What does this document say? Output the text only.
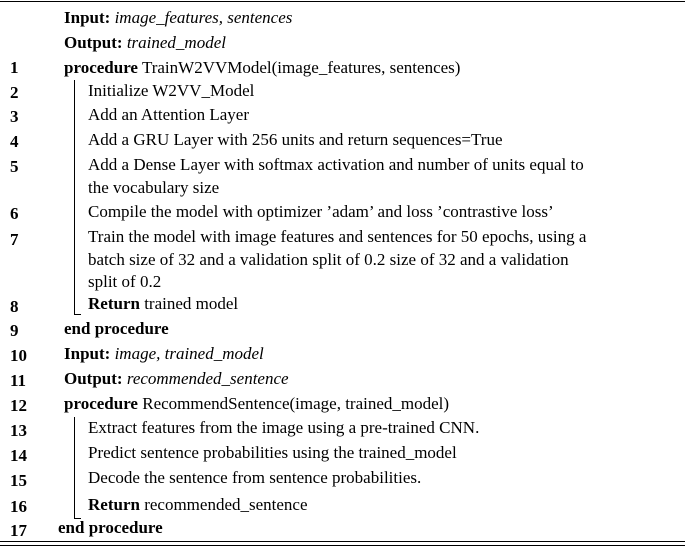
Input: image_features, sentences
Output: trained_model
1	procedure TrainW2VVModel(image_features, sentences)
2	Initialize W2VV_Model
3	Add an Attention Layer
4	Add a GRU Layer with 256 units and return sequences=True
5	Add a Dense Layer with softmax activation and number of units equal to
the vocabulary size
6	Compile the model with optimizer ’adam’ and loss ’contrastive loss’
7	Train the model with image features and sentences for 50 epochs, using a
batch size of 32 and a validation split of 0.2 size of 32 and a validation
split of 0.2
8	Return trained model
9	end procedure
10 Input: image, trained_model
11	Output: recommended_sentence
12 procedure RecommendSentence(image, trained_model)
13	Extract features from the image using a pre-trained CNN.
14	Predict sentence probabilities using the trained_model
15	Decode the sentence from sentence probabilities.
16	Return recommended_sentence
17 end procedure
